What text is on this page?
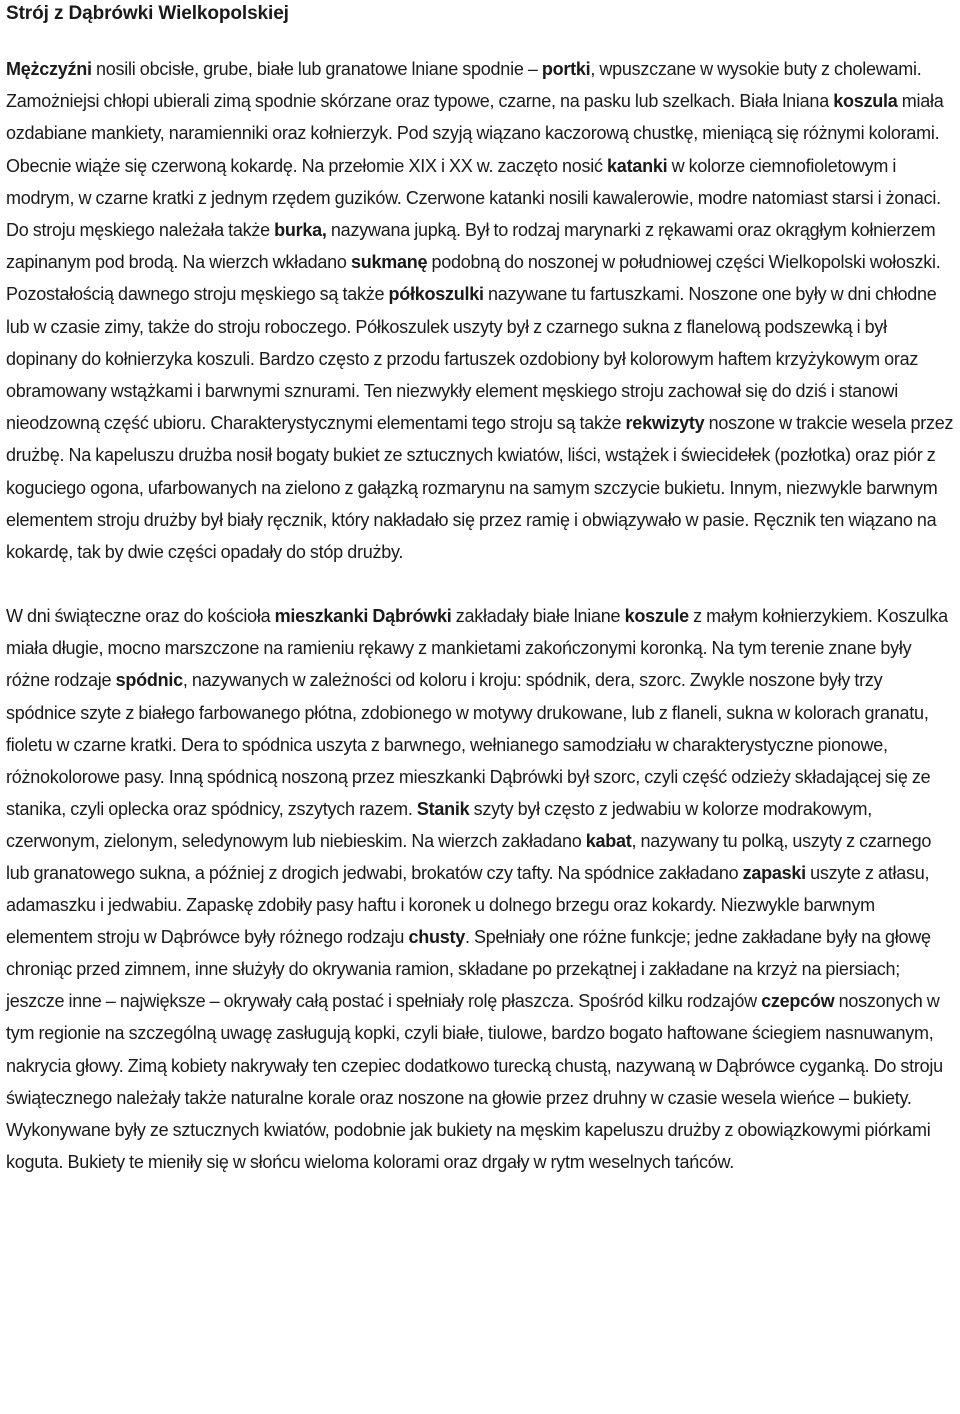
Strój z Dąbrówki Wielkopolskiej

Mężczyźni nosili obcisłe, grube, białe lub granatowe lniane spodnie – portki, wpuszczane w wysokie buty z cholewami. Zamożniejsi chłopi ubierali zimą spodnie skórzane oraz typowe, czarne, na pasku lub szelkach. Biała lniana koszula miała ozdabiane mankiety, naramienniki oraz kołnierzyk. Pod szyją wiązano kaczorową chustkę, mieniącą się różnymi kolorami. Obecnie wiąże się czerwoną kokardę. Na przełomie XIX i XX w. zaczęto nosić katanki w kolorze ciemnofioletowym i modrym, w czarne kratki z jednym rzędem guzików. Czerwone katanki nosili kawalerowie, modre natomiast starsi i żonaci. Do stroju męskiego należała także burka, nazywana jupką. Był to rodzaj marynarki z rękawami oraz okrągłym kołnierzem zapinanym pod brodą. Na wierzch wkładano sukmanę podobną do noszonej w południowej części Wielkopolski wołoszki. Pozostałością dawnego stroju męskiego są także półkoszulki nazywane tu fartuszkami. Noszone one były w dni chłodne lub w czasie zimy, także do stroju roboczego. Półkoszulek uszyty był z czarnego sukna z flanelową podszewką i był dopinany do kołnierzyka koszuli. Bardzo często z przodu fartuszek ozdobiony był kolorowym haftem krzyżykowym oraz obramowany wstążkami i barwnymi sznurami. Ten niezwykły element męskiego stroju zachował się do dziś i stanowi nieodzowną część ubioru. Charakterystycznymi elementami tego stroju są także rekwizyty noszone w trakcie wesela przez drużbę. Na kapeluszu drużba nosił bogaty bukiet ze sztucznych kwiatów, liści, wstążek i świecidełek (pozłotka) oraz piór z koguciego ogona, ufarbowanych na zielono z gałązką rozmarynu na samym szczycie bukietu. Innym, niezwykle barwnym elementem stroju drużby był biały ręcznik, który nakładało się przez ramię i obwiązywało w pasie. Ręcznik ten wiązano na kokardę, tak by dwie części opadały do stóp drużby.

W dni świąteczne oraz do kościoła mieszkanki Dąbrówki zakładały białe lniane koszule z małym kołnierzykiem. Koszulka miała długie, mocno marszczone na ramieniu rękawy z mankietami zakończonymi koronką. Na tym terenie znane były różne rodzaje spódnic, nazywanych w zależności od koloru i kroju: spódnik, dera, szorc. Zwykle noszone były trzy spódnice szyte z białego farbowanego płótna, zdobionego w motywy drukowane, lub z flaneli, sukna w kolorach granatu, fioletu w czarne kratki. Dera to spódnica uszyta z barwnego, wełnianego samodziału w charakterystyczne pionowe, różnokolorowe pasy. Inną spódnicą noszoną przez mieszkanki Dąbrówki był szorc, czyli część odzieży składającej się ze stanika, czyli oplecka oraz spódnicy, zszytych razem. Stanik szyty był często z jedwabiu w kolorze modrakowym, czerwonym, zielonym, seledynowym lub niebieskim. Na wierzch zakładano kabat, nazywany tu polką, uszyty z czarnego lub granatowego sukna, a później z drogich jedwabi, brokatów czy tafty. Na spódnice zakładano zapaski uszyte z atłasu, adamaszku i jedwabiu. Zapaskę zdobiły pasy haftu i koronek u dolnego brzegu oraz kokardy. Niezwykle barwnym elementem stroju w Dąbrówce były różnego rodzaju chusty. Spełniały one różne funkcje; jedne zakładane były na głowę chroniąc przed zimnem, inne służyły do okrywania ramion, składane po przekątnej i zakładane na krzyż na piersiach; jeszcze inne – największe – okrywały całą postać i spełniały rolę płaszcza. Spośród kilku rodzajów czepców noszonych w tym regionie na szczególną uwagę zasługują kopki, czyli białe, tiulowe, bardzo bogato haftowane ściegiem nasnuwanym, nakrycia głowy. Zimą kobiety nakrywały ten czepiec dodatkowo turecką chustą, nazywaną w Dąbrówce cyganką. Do stroju świątecznego należały także naturalne korale oraz noszone na głowie przez druhny w czasie wesela wieńce – bukiety. Wykonywane były ze sztucznych kwiatów, podobnie jak bukiety na męskim kapeluszu drużby z obowiązkowymi piórkami koguta. Bukiety te mieniły się w słońcu wieloma kolorami oraz drgały w rytm weselnych tańców.
